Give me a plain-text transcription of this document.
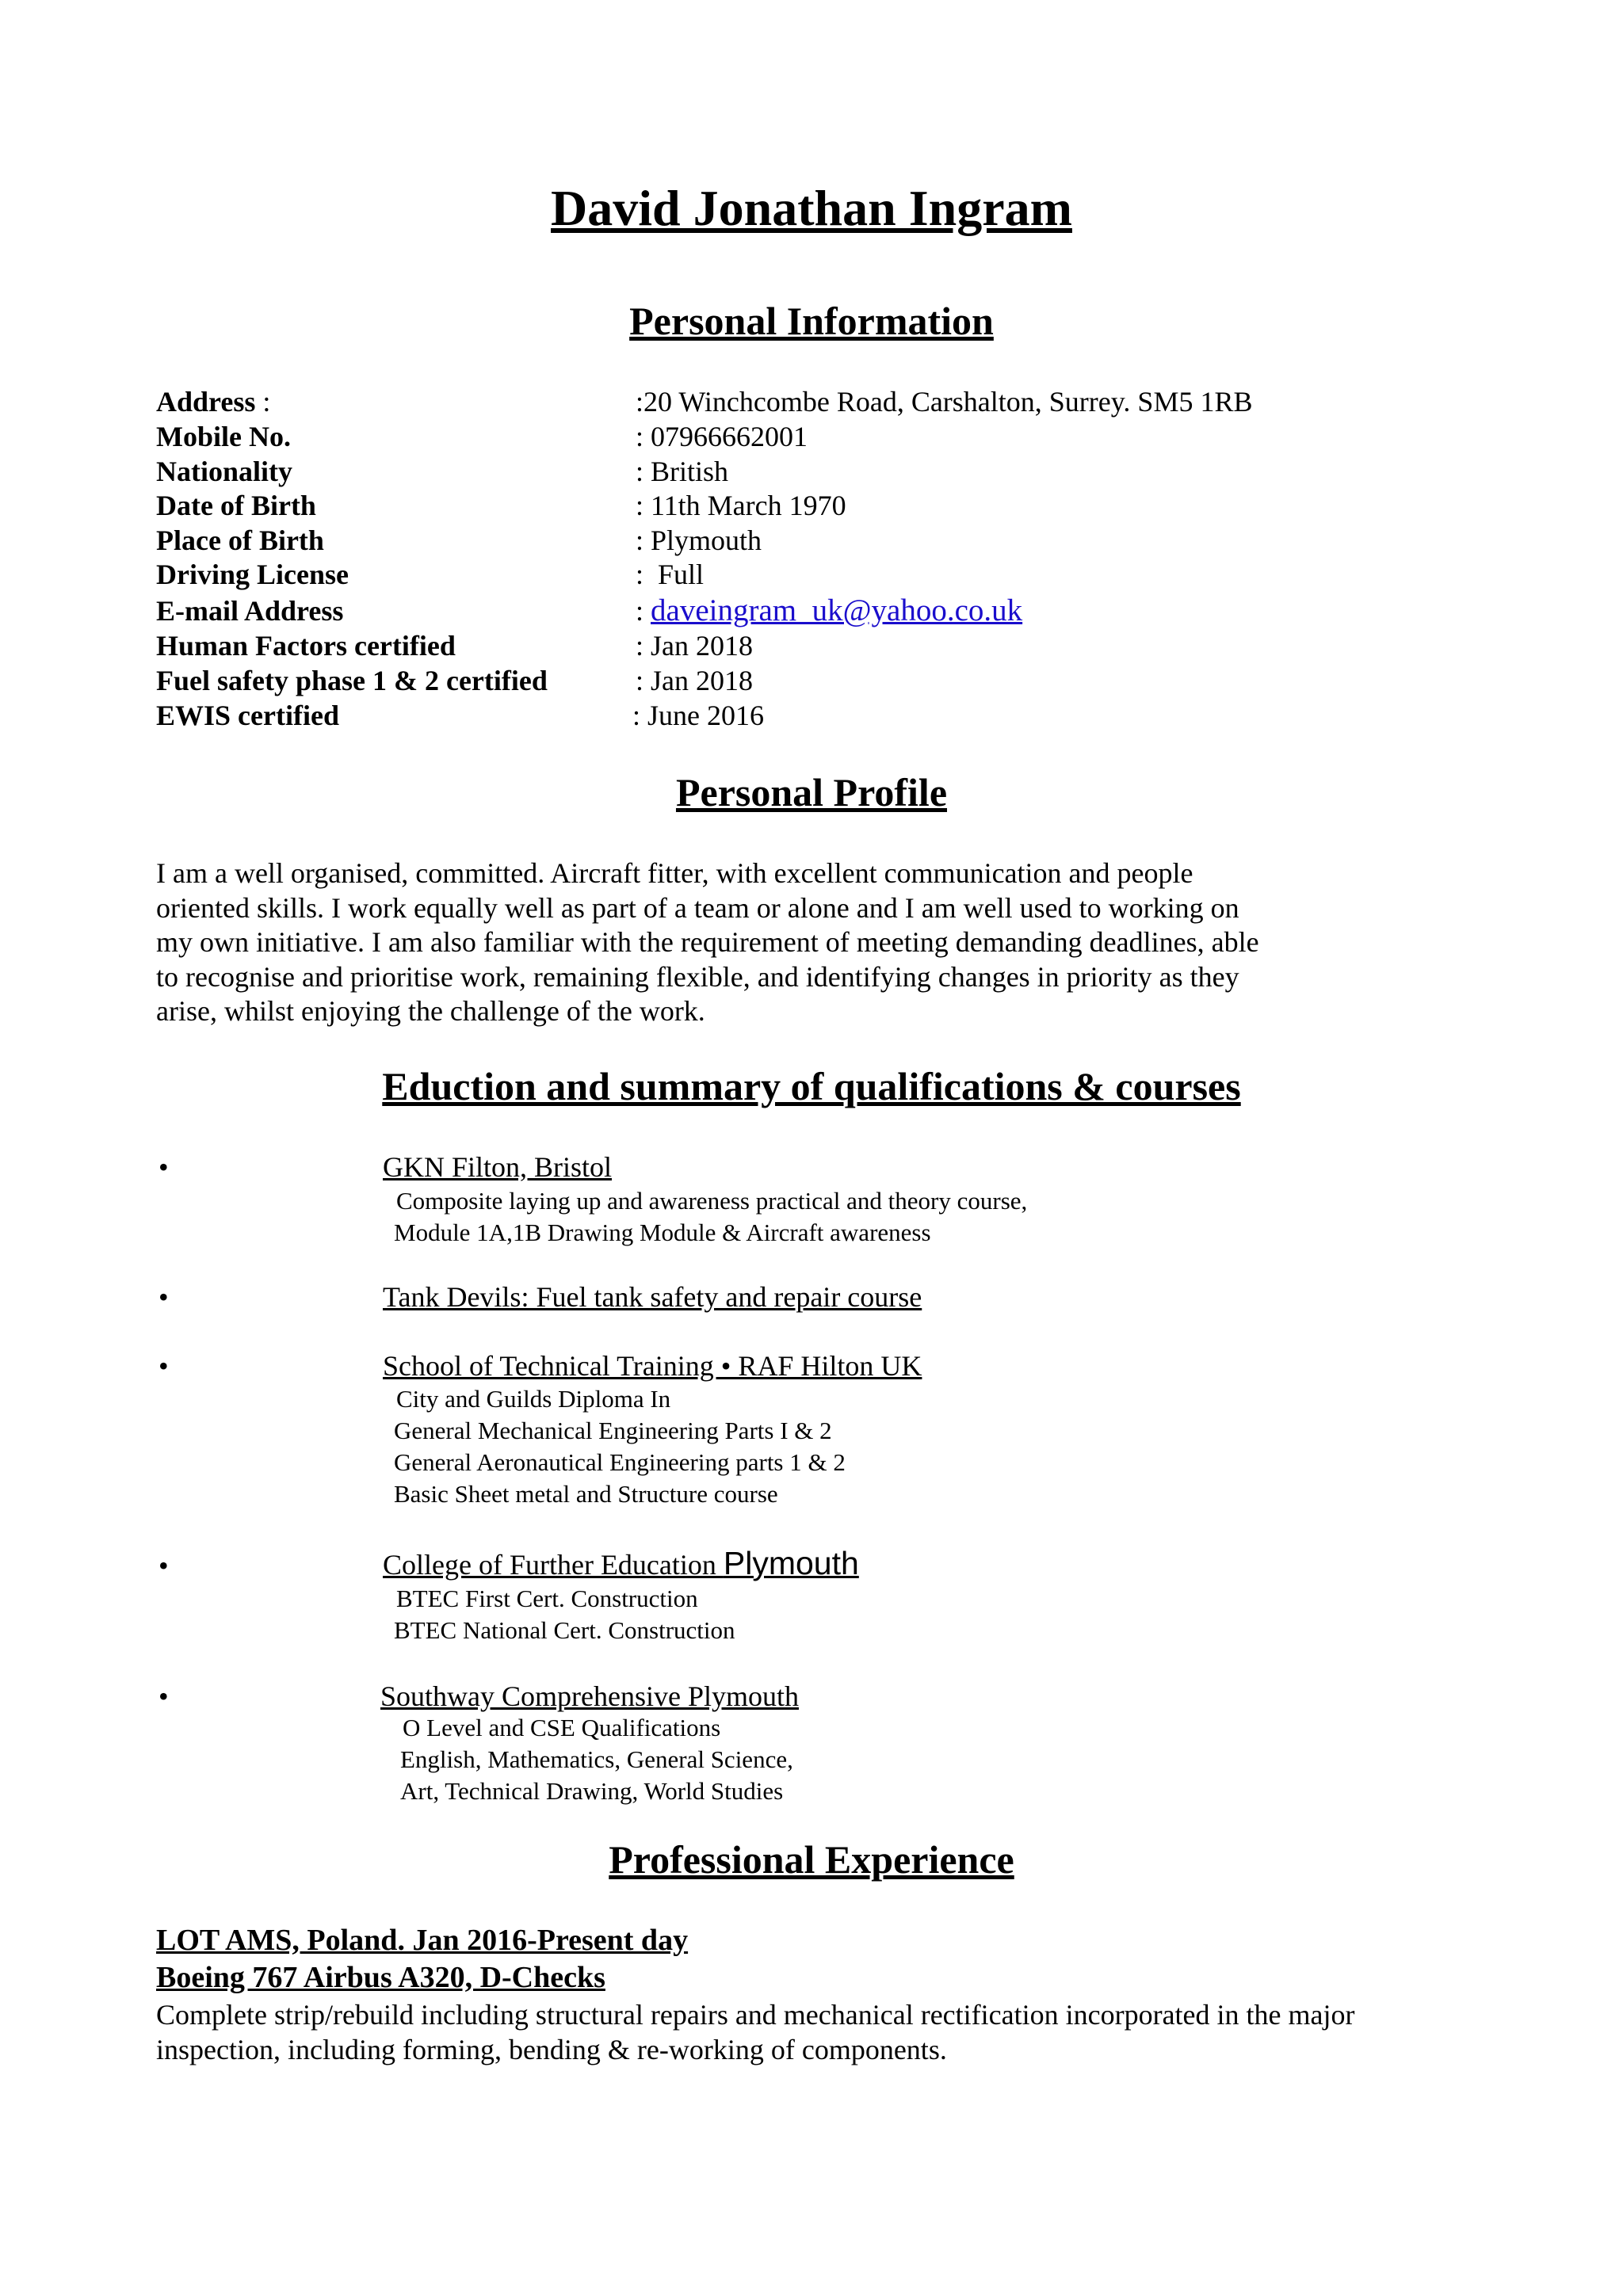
David Jonathan Ingram
Personal Information
Address :	:20 Winchcombe Road, Carshalton, Surrey. SM5 1RB
Mobile No.	: 07966662001
Nationality	: British
Date of Birth	: 11th March 1970
Place of Birth	: Plymouth
Driving License	:  Full
E-mail Address	: daveingram_uk@yahoo.co.uk
Human Factors certified	: Jan 2018
Fuel safety phase 1 & 2 certified	: Jan 2018
EWIS certified	: June 2016
Personal Profile
I am a well organised, committed. Aircraft fitter, with excellent communication and people
oriented skills. I work equally well as part of a team or alone and I am well used to working on
my own initiative. I am also familiar with the requirement of meeting demanding deadlines, able
to recognise and prioritise work, remaining flexible, and identifying changes in priority as they
arise, whilst enjoying the challenge of the work.
Eduction and summary of qualifications & courses
•	GKN Filton, Bristol
Composite laying up and awareness practical and theory course,
Module 1A,1B Drawing Module & Aircraft awareness
•	Tank Devils: Fuel tank safety and repair course
•	School of Technical Training • RAF Hilton UK
City and Guilds Diploma In
General Mechanical Engineering Parts I & 2
General Aeronautical Engineering parts 1 & 2
Basic Sheet metal and Structure course
•	College of Further Education Plymouth
BTEC First Cert. Construction
BTEC National Cert. Construction
•	Southway Comprehensive Plymouth
O Level and CSE Qualifications
English, Mathematics, General Science,
Art, Technical Drawing, World Studies
Professional Experience
LOT AMS, Poland. Jan 2016-Present day
Boeing 767 Airbus A320, D-Checks
Complete strip/rebuild including structural repairs and mechanical rectification incorporated in the major
inspection, including forming, bending & re-working of components.
